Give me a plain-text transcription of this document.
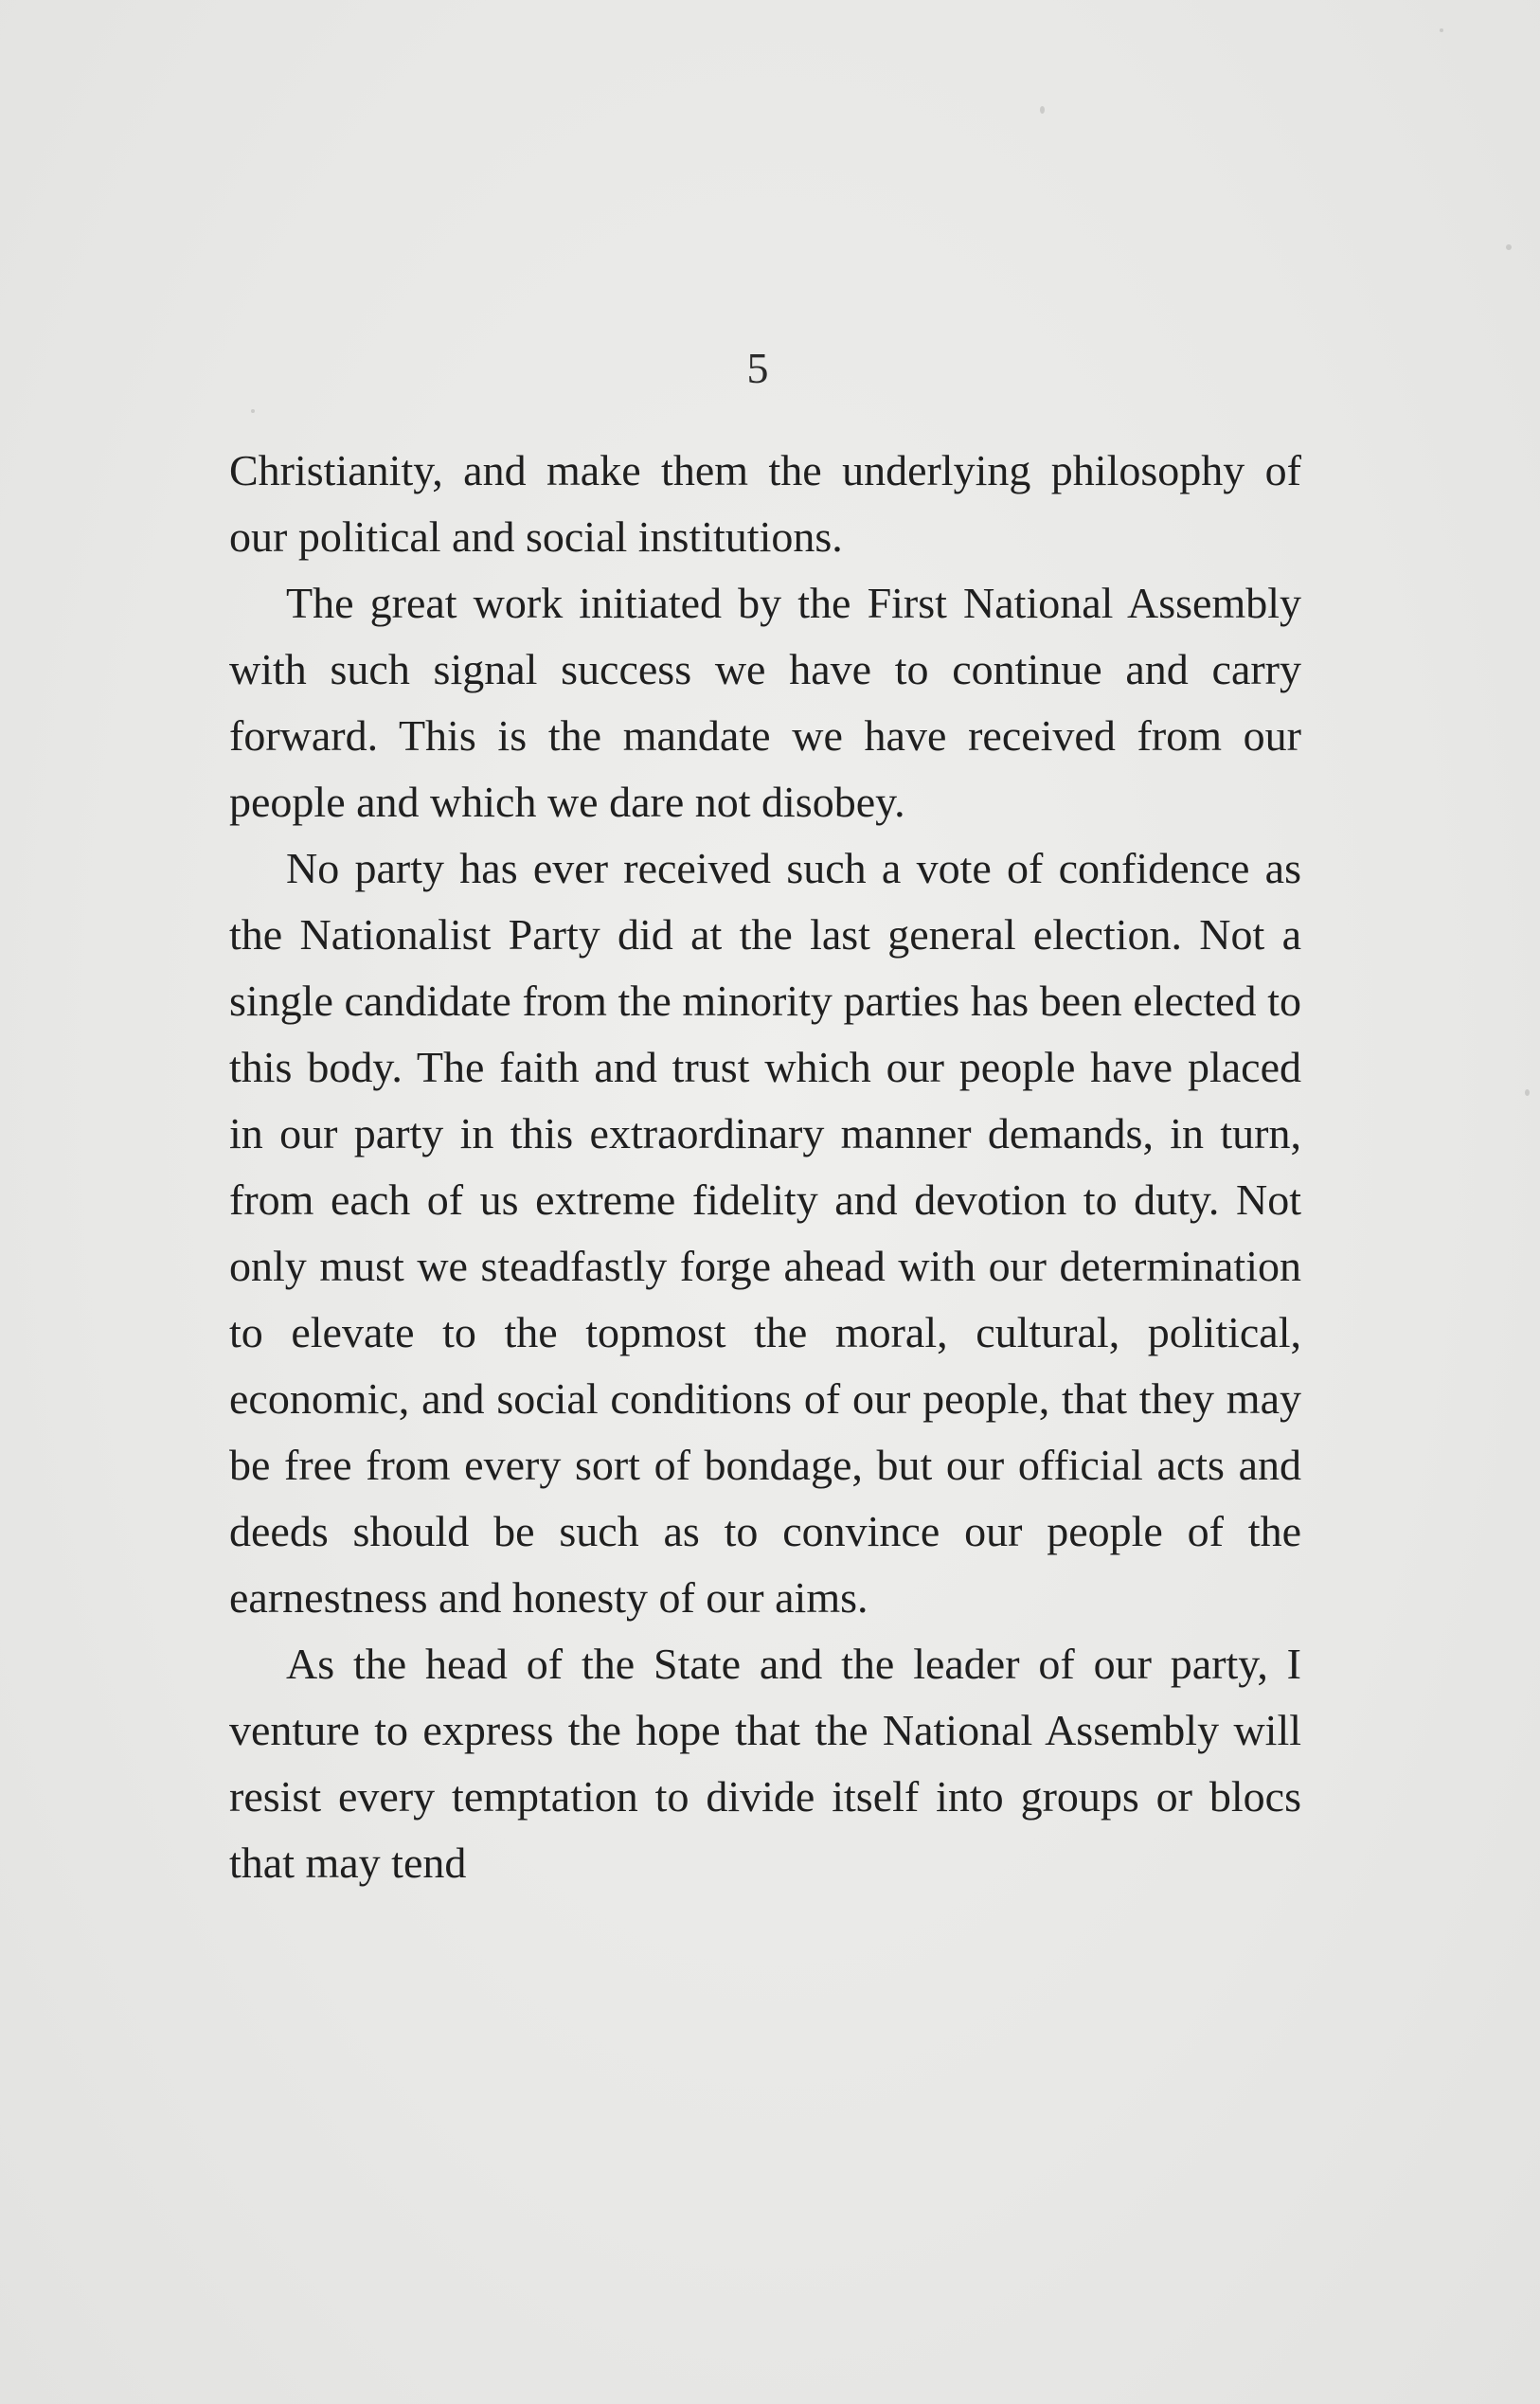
5

Christianity, and make them the underlying philosophy of our political and social institutions.

The great work initiated by the First National Assembly with such signal success we have to continue and carry forward. This is the mandate we have received from our people and which we dare not disobey.

No party has ever received such a vote of confidence as the Nationalist Party did at the last general election. Not a single candidate from the minority parties has been elected to this body. The faith and trust which our people have placed in our party in this extraordinary manner demands, in turn, from each of us extreme fidelity and devotion to duty. Not only must we steadfastly forge ahead with our determination to elevate to the topmost the moral, cultural, political, economic, and social conditions of our people, that they may be free from every sort of bondage, but our official acts and deeds should be such as to convince our people of the earnestness and honesty of our aims.

As the head of the State and the leader of our party, I venture to express the hope that the National Assembly will resist every temptation to divide itself into groups or blocs that may tend
